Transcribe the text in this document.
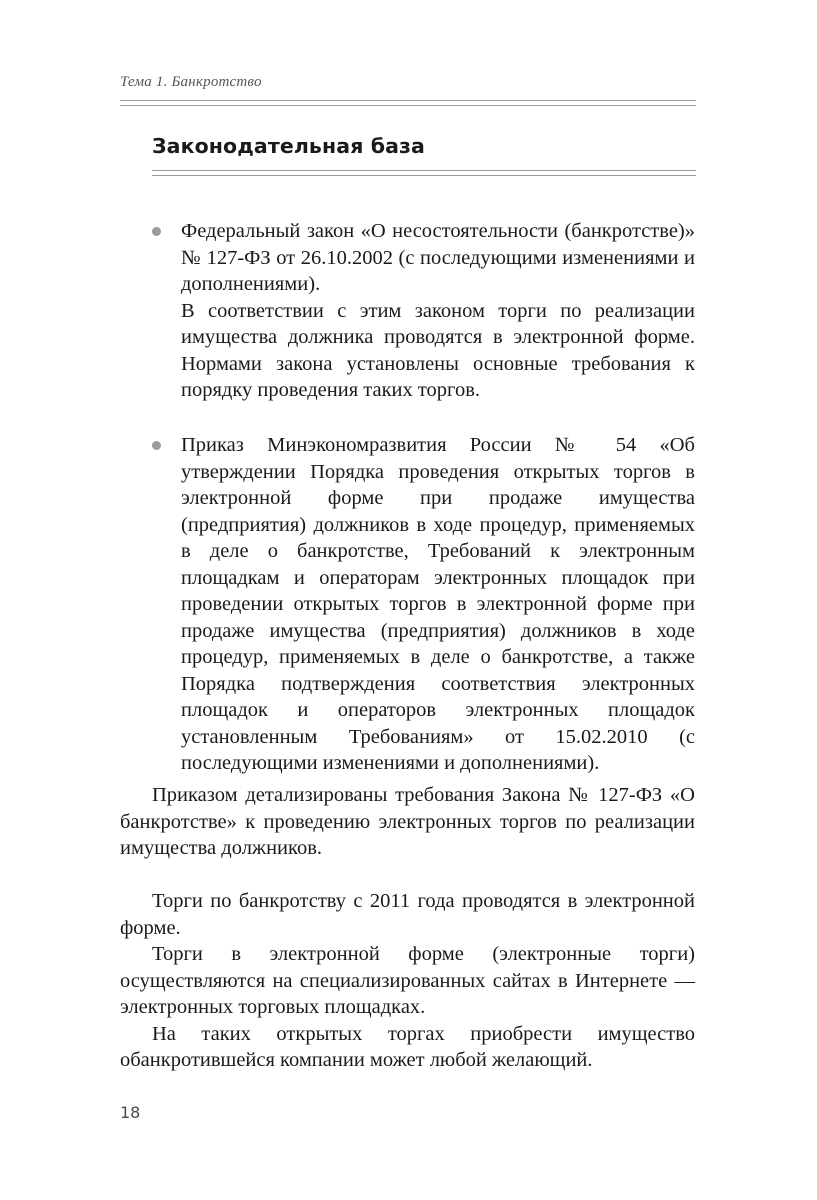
Тема 1. Банкротство
Законодательная база

Федеральный закон «О несостоятельности (банкротстве)» № 127-ФЗ от 26.10.2002 (с последующими изменениями и дополнениями).

В соответствии с этим законом торги по реализации имущества должника проводятся в электронной форме. Нормами закона установлены основные требования к порядку проведения таких торгов.

Приказ Минэкономразвития России № 54 «Об утверждении Порядка проведения открытых торгов в электронной форме при продаже имущества (предприятия) должников в ходе процедур, применяемых в деле о банкротстве, Требований к электронным площадкам и операторам электронных площадок при проведении открытых торгов в электронной форме при продаже имущества (предприятия) должников в ходе процедур, применяемых в деле о банкротстве, а также Порядка подтверждения соответствия электронных площадок и операторов электронных площадок установленным Требованиям» от 15.02.2010 (с последующими изменениями и дополнениями).

Приказом детализированы требования Закона № 127-ФЗ «О банкротстве» к проведению электронных торгов по реализации имущества должников.

Торги по банкротству с 2011 года проводятся в электронной форме.

Торги в электронной форме (электронные торги) осуществляются на специализированных сайтах в Интернете — электронных торговых площадках.

На таких открытых торгах приобрести имущество обанкротившейся компании может любой желающий.

18
